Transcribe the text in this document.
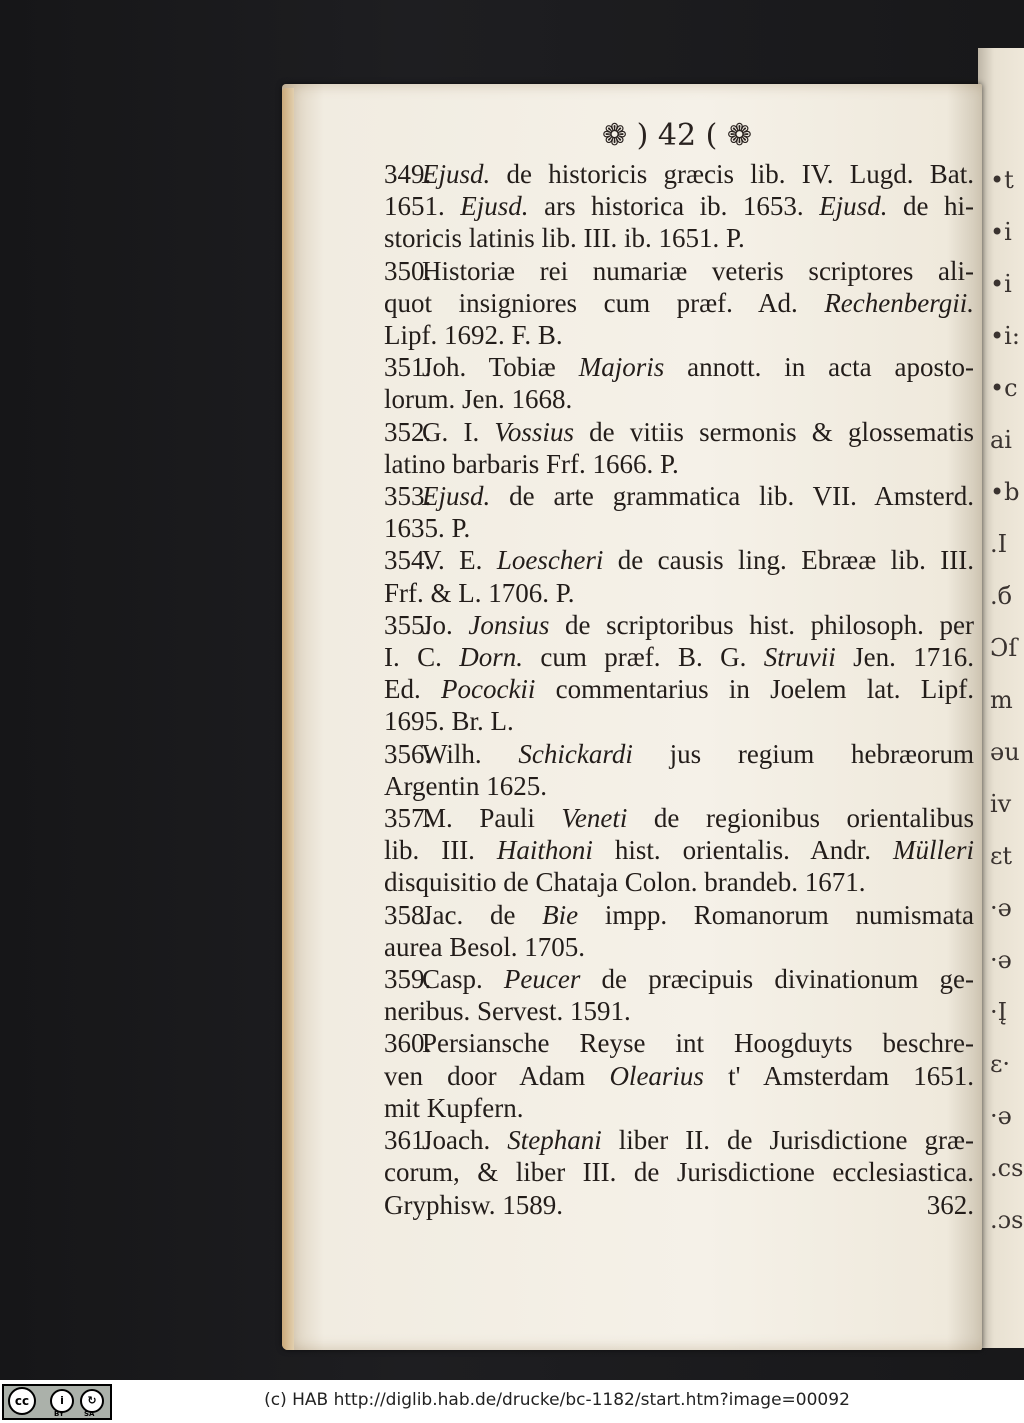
•t
•i
•i
•i:
•c
ai
•b
.I
.б
Ɔſ
m
əu
iv
ɛt
·ə
·ə
·Į
ε·
·ə
.cs
.ɔs
❁ ) 42 ( ❁
349.Ejusd. de historicis græcis lib. IV. Lugd. Bat.
1651. Ejusd. ars historica ib. 1653. Ejusd. de hi-
storicis latinis lib. III. ib. 1651. P.
350.Historiæ rei numariæ veteris scriptores ali-
quot insigniores cum præf. Ad. Rechenbergii.
Lipf. 1692. F. B.
351.Joh. Tobiæ Majoris annott. in acta aposto-
lorum. Jen. 1668.
352.G. I. Vossius de vitiis sermonis & glossematis
latino barbaris Frf. 1666. P.
353.Ejusd. de arte grammatica lib. VII. Amsterd.
1635. P.
354.V. E. Loescheri de causis ling. Ebrææ lib. III.
Frf. & L. 1706. P.
355.Jo. Jonsius de scriptoribus hist. philosoph. per
I. C. Dorn. cum præf. B. G. Struvii Jen. 1716.
Ed. Pocockii commentarius in Joelem lat. Lipf.
1695. Br. L.
356.Wilh. Schickardi jus regium hebræorum
Argentin 1625.
357.M. Pauli Veneti de regionibus orientalibus
lib. III. Haithoni hist. orientalis. Andr. Mülleri
disquisitio de Chataja Colon. brandeb. 1671.
358.Jac. de Bie impp. Romanorum numismata
aurea Besol. 1705.
359.Casp. Peucer de præcipuis divinationum ge-
neribus. Servest. 1591.
360.Persiansche Reyse int Hoogduyts beschre-
ven door Adam Olearius t' Amsterdam 1651.
mit Kupfern.
361.Joach. Stephani liber II. de Jurisdictione græ-
corum, & liber III. de Jurisdictione ecclesiastica.
Gryphisw. 1589.	362.
cc	i	↻
BY	SA
(c) HAB http://diglib.hab.de/drucke/bc-1182/start.htm?image=00092
